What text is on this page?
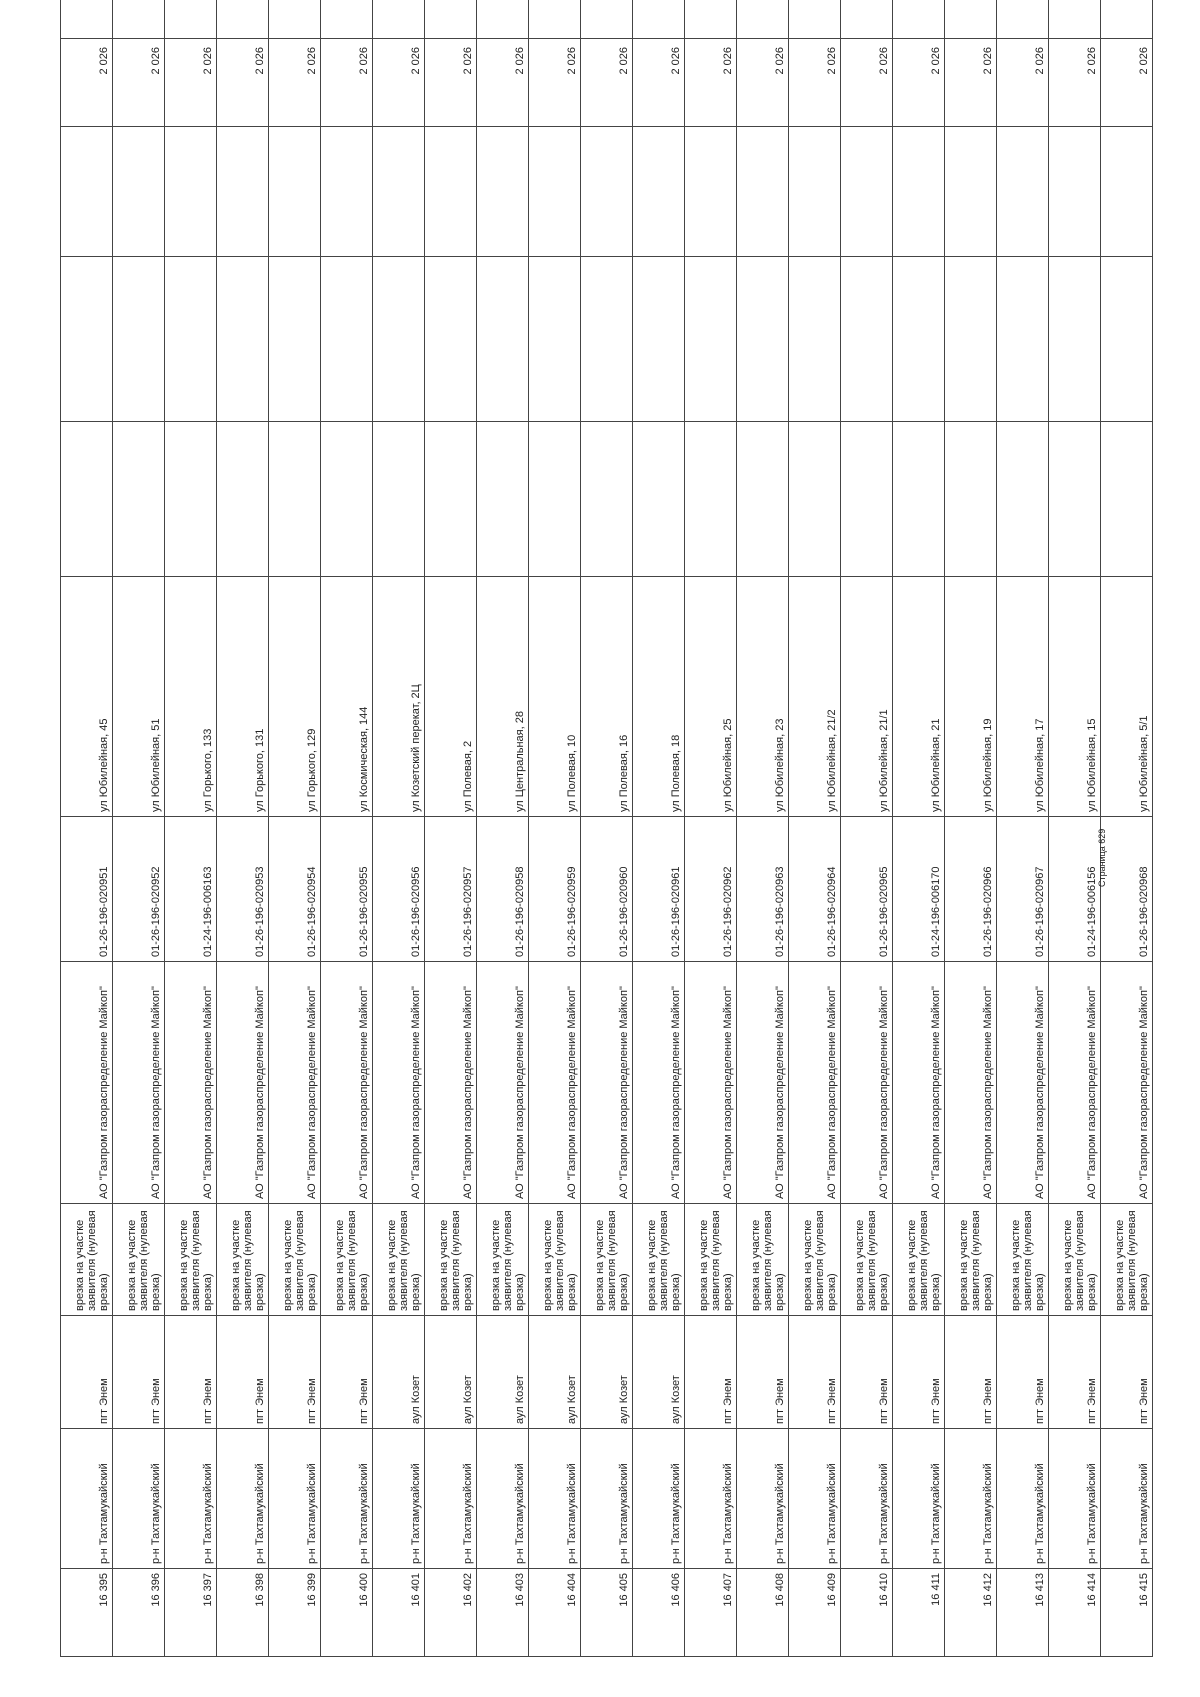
16 395	р-н Тахтамукайский	пгт Энем	врезка на участке заявителя (нулевая врезка)	АО "Газпром газораспределение Майкоп"	01-26-196-020951	ул Юбилейная, 45				2 026	
16 396	р-н Тахтамукайский	пгт Энем	врезка на участке заявителя (нулевая врезка)	АО "Газпром газораспределение Майкоп"	01-26-196-020952	ул Юбилейная, 51				2 026	
16 397	р-н Тахтамукайский	пгт Энем	врезка на участке заявителя (нулевая врезка)	АО "Газпром газораспределение Майкоп"	01-24-196-006163	ул Горького, 133				2 026	
16 398	р-н Тахтамукайский	пгт Энем	врезка на участке заявителя (нулевая врезка)	АО "Газпром газораспределение Майкоп"	01-26-196-020953	ул Горького, 131				2 026	
16 399	р-н Тахтамукайский	пгт Энем	врезка на участке заявителя (нулевая врезка)	АО "Газпром газораспределение Майкоп"	01-26-196-020954	ул Горького, 129				2 026	
16 400	р-н Тахтамукайский	пгт Энем	врезка на участке заявителя (нулевая врезка)	АО "Газпром газораспределение Майкоп"	01-26-196-020955	ул Космическая, 144				2 026	
16 401	р-н Тахтамукайский	аул Козет	врезка на участке заявителя (нулевая врезка)	АО "Газпром газораспределение Майкоп"	01-26-196-020956	ул Козетский перекат, 2Ц				2 026	
16 402	р-н Тахтамукайский	аул Козет	врезка на участке заявителя (нулевая врезка)	АО "Газпром газораспределение Майкоп"	01-26-196-020957	ул Полевая, 2				2 026	
16 403	р-н Тахтамукайский	аул Козет	врезка на участке заявителя (нулевая врезка)	АО "Газпром газораспределение Майкоп"	01-26-196-020958	ул Центральная, 28				2 026	
16 404	р-н Тахтамукайский	аул Козет	врезка на участке заявителя (нулевая врезка)	АО "Газпром газораспределение Майкоп"	01-26-196-020959	ул Полевая, 10				2 026	
16 405	р-н Тахтамукайский	аул Козет	врезка на участке заявителя (нулевая врезка)	АО "Газпром газораспределение Майкоп"	01-26-196-020960	ул Полевая, 16				2 026	
16 406	р-н Тахтамукайский	аул Козет	врезка на участке заявителя (нулевая врезка)	АО "Газпром газораспределение Майкоп"	01-26-196-020961	ул Полевая, 18				2 026	
16 407	р-н Тахтамукайский	пгт Энем	врезка на участке заявителя (нулевая врезка)	АО "Газпром газораспределение Майкоп"	01-26-196-020962	ул Юбилейная, 25				2 026	
16 408	р-н Тахтамукайский	пгт Энем	врезка на участке заявителя (нулевая врезка)	АО "Газпром газораспределение Майкоп"	01-26-196-020963	ул Юбилейная, 23				2 026	
16 409	р-н Тахтамукайский	пгт Энем	врезка на участке заявителя (нулевая врезка)	АО "Газпром газораспределение Майкоп"	01-26-196-020964	ул Юбилейная, 21/2				2 026	
16 410	р-н Тахтамукайский	пгт Энем	врезка на участке заявителя (нулевая врезка)	АО "Газпром газораспределение Майкоп"	01-26-196-020965	ул Юбилейная, 21/1				2 026	
16 411	р-н Тахтамукайский	пгт Энем	врезка на участке заявителя (нулевая врезка)	АО "Газпром газораспределение Майкоп"	01-24-196-006170	ул Юбилейная, 21				2 026	
16 412	р-н Тахтамукайский	пгт Энем	врезка на участке заявителя (нулевая врезка)	АО "Газпром газораспределение Майкоп"	01-26-196-020966	ул Юбилейная, 19				2 026	
16 413	р-н Тахтамукайский	пгт Энем	врезка на участке заявителя (нулевая врезка)	АО "Газпром газораспределение Майкоп"	01-26-196-020967	ул Юбилейная, 17				2 026	
16 414	р-н Тахтамукайский	пгт Энем	врезка на участке заявителя (нулевая врезка)	АО "Газпром газораспределение Майкоп"	01-24-196-006156	ул Юбилейная, 15				2 026	
16 415	р-н Тахтамукайский	пгт Энем	врезка на участке заявителя (нулевая врезка)	АО "Газпром газораспределение Майкоп"	01-26-196-020968	ул Юбилейная, 5/1				2 026	
Страница 629
